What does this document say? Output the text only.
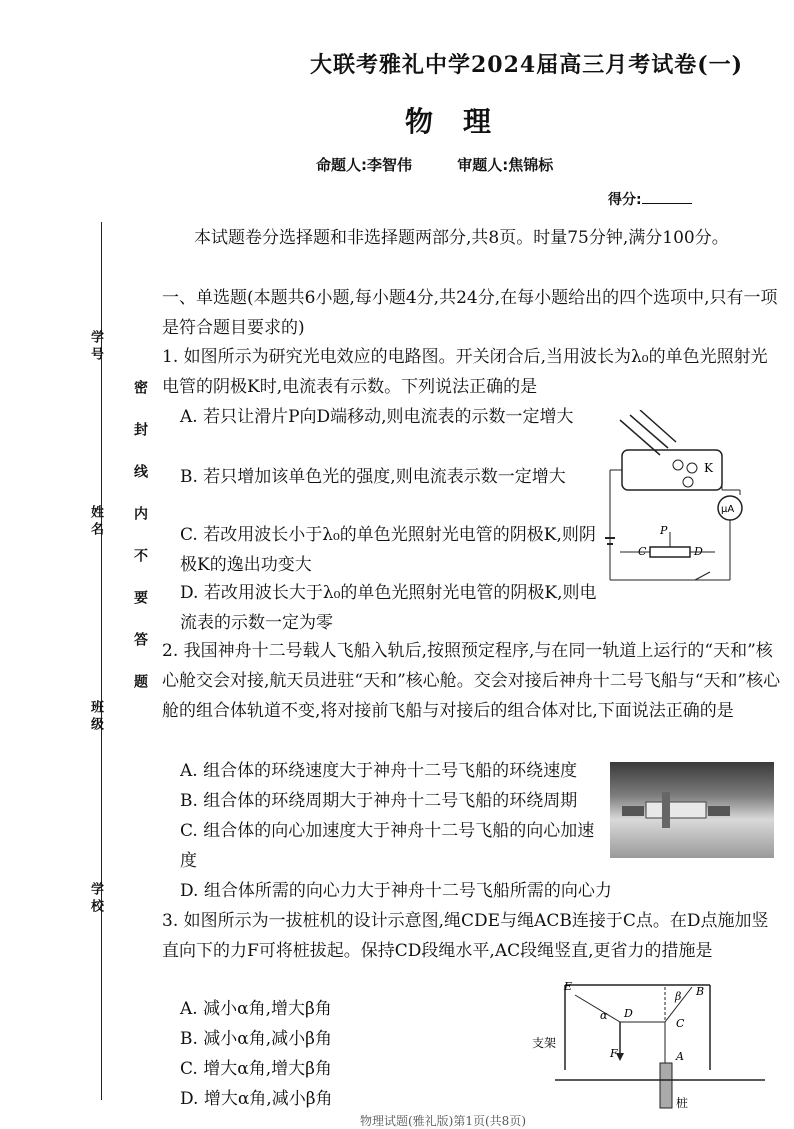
密封线内不要答题
学号
姓名
班级
学校
大联考雅礼中学2024届高三月考试卷(一)
物理
命题人:李智伟	审题人:焦锦标
得分:
本试题卷分选择题和非选择题两部分,共8页。时量75分钟,满分100分。
一、单选题(本题共6小题,每小题4分,共24分,在每小题给出的四个选项中,只有一项是符合题目要求的)
1. 如图所示为研究光电效应的电路图。开关闭合后,当用波长为λ₀的单色光照射光电管的阴极K时,电流表有示数。下列说法正确的是
A. 若只让滑片P向D端移动,则电流表的示数一定增大
B. 若只增加该单色光的强度,则电流表示数一定增大
C. 若改用波长小于λ₀的单色光照射光电管的阴极K,则阴极K的逸出功变大
D. 若改用波长大于λ₀的单色光照射光电管的阴极K,则电流表的示数一定为零
K
μA
P
C	D
2. 我国神舟十二号载人飞船入轨后,按照预定程序,与在同一轨道上运行的“天和”核心舱交会对接,航天员进驻“天和”核心舱。交会对接后神舟十二号飞船与“天和”核心舱的组合体轨道不变,将对接前飞船与对接后的组合体对比,下面说法正确的是
A. 组合体的环绕速度大于神舟十二号飞船的环绕速度
B. 组合体的环绕周期大于神舟十二号飞船的环绕周期
C. 组合体的向心加速度大于神舟十二号飞船的向心加速度
D. 组合体所需的向心力大于神舟十二号飞船所需的向心力
3. 如图所示为一拔桩机的设计示意图,绳CDE与绳ACB连接于C点。在D点施加竖直向下的力F可将桩拔起。保持CD段绳水平,AC段绳竖直,更省力的措施是
A. 减小α角,增大β角
B. 减小α角,减小β角
C. 增大α角,增大β角
D. 增大α角,减小β角
E
α D
β B
C
F	A
支架
桩
物理试题(雅礼版)第1页(共8页)
